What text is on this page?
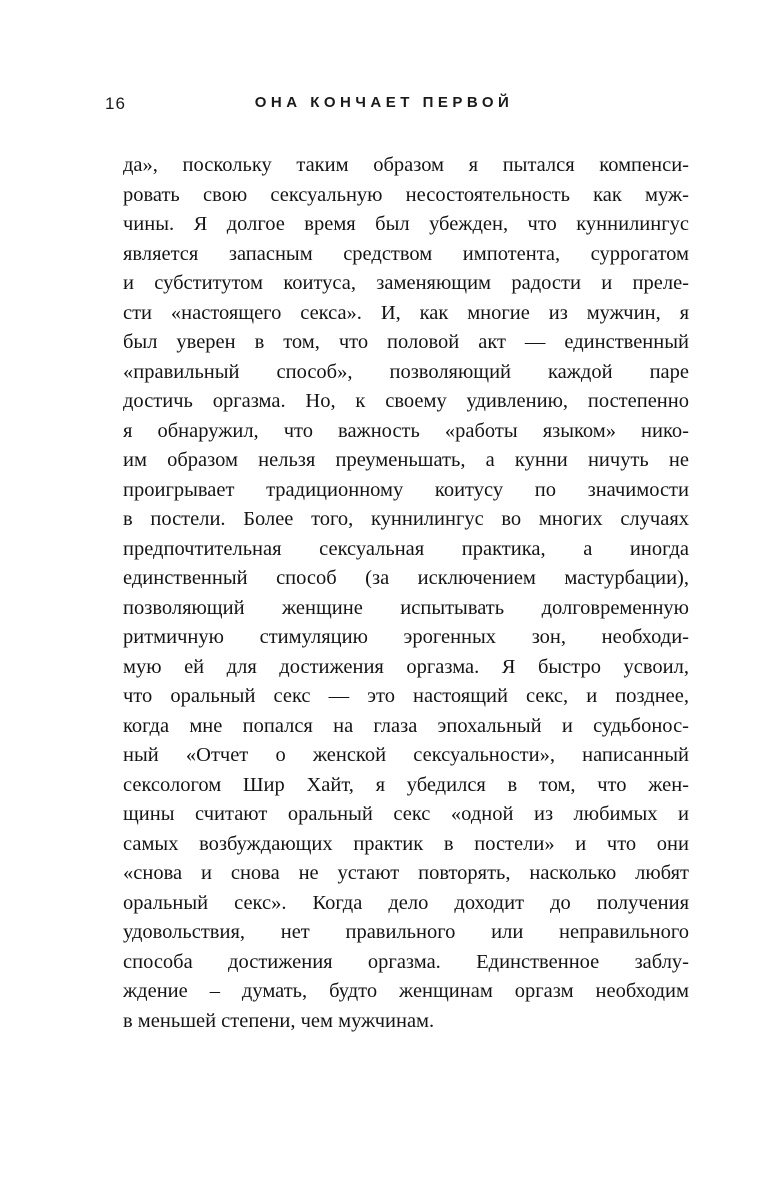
16	ОНА КОНЧАЕТ ПЕРВОЙ
да», поскольку таким образом я пытался компенси-
ровать свою сексуальную несостоятельность как муж-
чины. Я долгое время был убежден, что куннилингус
является запасным средством импотента, суррогатом
и субститутом коитуса, заменяющим радости и преле-
сти «настоящего секса». И, как многие из мужчин, я
был уверен в том, что половой акт — единственный
«правильный способ», позволяющий каждой паре
достичь оргазма. Но, к своему удивлению, постепенно
я обнаружил, что важность «работы языком» нико-
им образом нельзя преуменьшать, а кунни ничуть не
проигрывает традиционному коитусу по значимости
в постели. Более того, куннилингус во многих случаях
предпочтительная сексуальная практика, а иногда
единственный способ (за исключением мастурбации),
позволяющий женщине испытывать долговременную
ритмичную стимуляцию эрогенных зон, необходи-
мую ей для достижения оргазма. Я быстро усвоил,
что оральный секс — это настоящий секс, и позднее,
когда мне попался на глаза эпохальный и судьбонос-
ный «Отчет о женской сексуальности», написанный
сексологом Шир Хайт, я убедился в том, что жен-
щины считают оральный секс «одной из любимых и
самых возбуждающих практик в постели» и что они
«снова и снова не устают повторять, насколько любят
оральный секс». Когда дело доходит до получения
удовольствия, нет правильного или неправильного
способа достижения оргазма. Единственное заблу-
ждение – думать, будто женщинам оргазм необходим
в меньшей степени, чем мужчинам.
